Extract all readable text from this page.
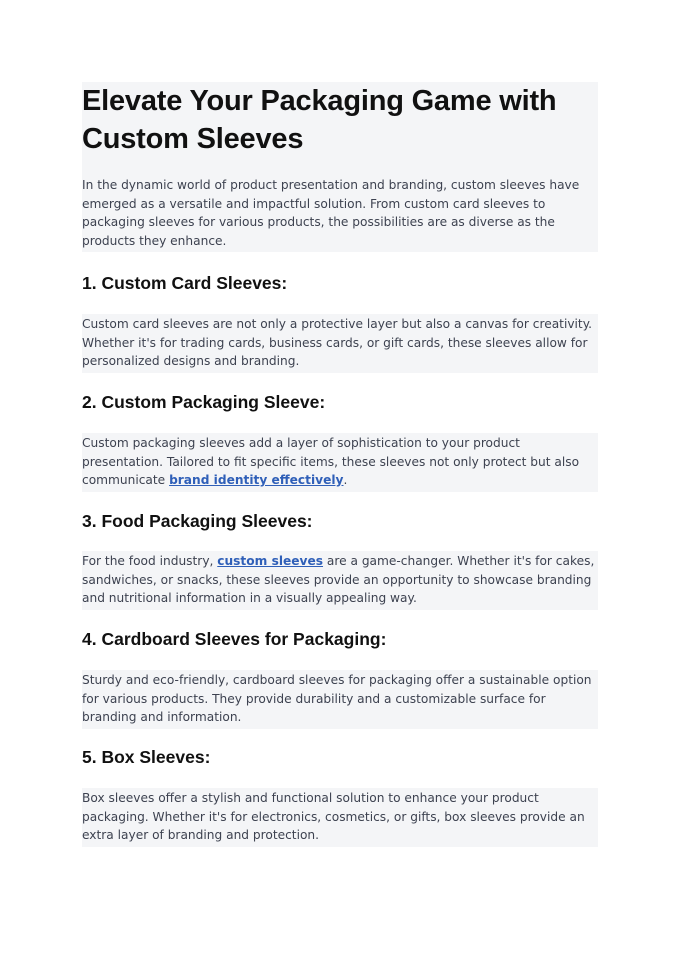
Elevate Your Packaging Game with
Custom Sleeves

In the dynamic world of product presentation and branding, custom sleeves have emerged as a versatile and impactful solution. From custom card sleeves to packaging sleeves for various products, the possibilities are as diverse as the products they enhance.

1. Custom Card Sleeves:

Custom card sleeves are not only a protective layer but also a canvas for creativity. Whether it's for trading cards, business cards, or gift cards, these sleeves allow for personalized designs and branding.

2. Custom Packaging Sleeve:

Custom packaging sleeves add a layer of sophistication to your product presentation. Tailored to fit specific items, these sleeves not only protect but also communicate brand identity effectively.

3. Food Packaging Sleeves:

For the food industry, custom sleeves are a game-changer. Whether it's for cakes, sandwiches, or snacks, these sleeves provide an opportunity to showcase branding and nutritional information in a visually appealing way.

4. Cardboard Sleeves for Packaging:

Sturdy and eco-friendly, cardboard sleeves for packaging offer a sustainable option for various products. They provide durability and a customizable surface for branding and information.

5. Box Sleeves:

Box sleeves offer a stylish and functional solution to enhance your product packaging. Whether it's for electronics, cosmetics, or gifts, box sleeves provide an extra layer of branding and protection.
